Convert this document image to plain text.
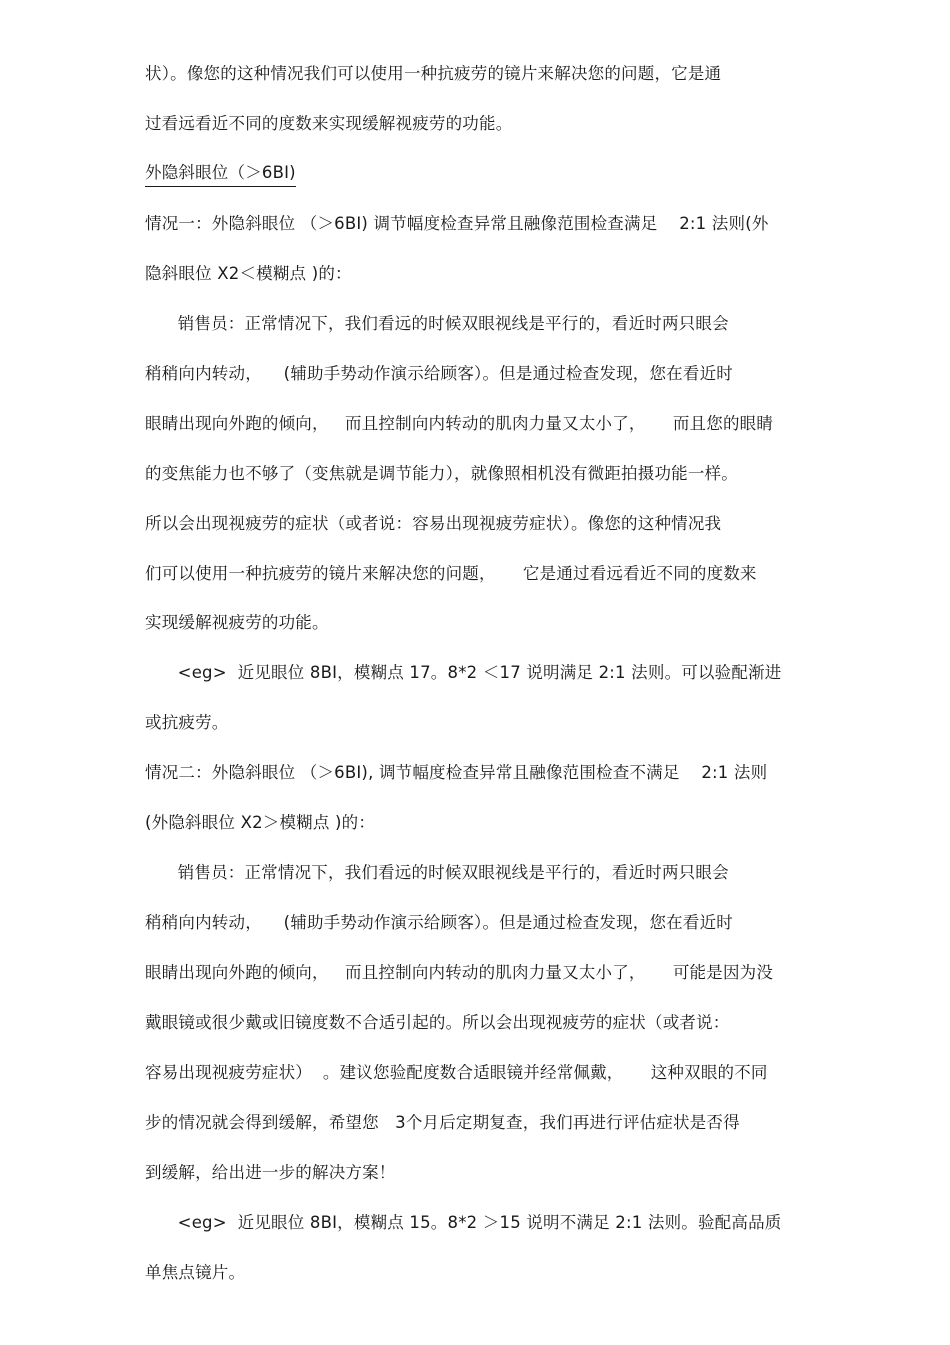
状）。像您的这种情况我们可以使用一种抗疲劳的镜片来解决您的问题，它是通
过看远看近不同的度数来实现缓解视疲劳的功能。
外隐斜眼位（＞6BI)
情况一：外隐斜眼位 （＞6BI) 调节幅度检查异常且融像范围检查满足    2:1 法则(外
隐斜眼位 X2＜模糊点 )的：
销售员：正常情况下，我们看远的时候双眼视线是平行的，看近时两只眼会
稍稍向内转动，    (辅助手势动作演示给顾客）。但是通过检查发现，您在看近时
眼睛出现向外跑的倾向，   而且控制向内转动的肌肉力量又太小了，     而且您的眼睛
的变焦能力也不够了（变焦就是调节能力），就像照相机没有微距拍摄功能一样。
所以会出现视疲劳的症状（或者说：容易出现视疲劳症状）。像您的这种情况我
们可以使用一种抗疲劳的镜片来解决您的问题，     它是通过看远看近不同的度数来
实现缓解视疲劳的功能。
<eg>  近见眼位 8BI，模糊点 17。8*2 ＜17 说明满足 2:1 法则。可以验配渐进
或抗疲劳。
情况二：外隐斜眼位 （＞6BI), 调节幅度检查异常且融像范围检查不满足    2:1 法则
(外隐斜眼位 X2＞模糊点 )的：
销售员：正常情况下，我们看远的时候双眼视线是平行的，看近时两只眼会
稍稍向内转动，    (辅助手势动作演示给顾客）。但是通过检查发现，您在看近时
眼睛出现向外跑的倾向，   而且控制向内转动的肌肉力量又太小了，     可能是因为没
戴眼镜或很少戴或旧镜度数不合适引起的。所以会出现视疲劳的症状（或者说：
容易出现视疲劳症状）  。建议您验配度数合适眼镜并经常佩戴，     这种双眼的不同
步的情况就会得到缓解，希望您   3个月后定期复查，我们再进行评估症状是否得
到缓解，给出进一步的解决方案！
<eg>  近见眼位 8BI，模糊点 15。8*2 ＞15 说明不满足 2:1 法则。验配高品质
单焦点镜片。
